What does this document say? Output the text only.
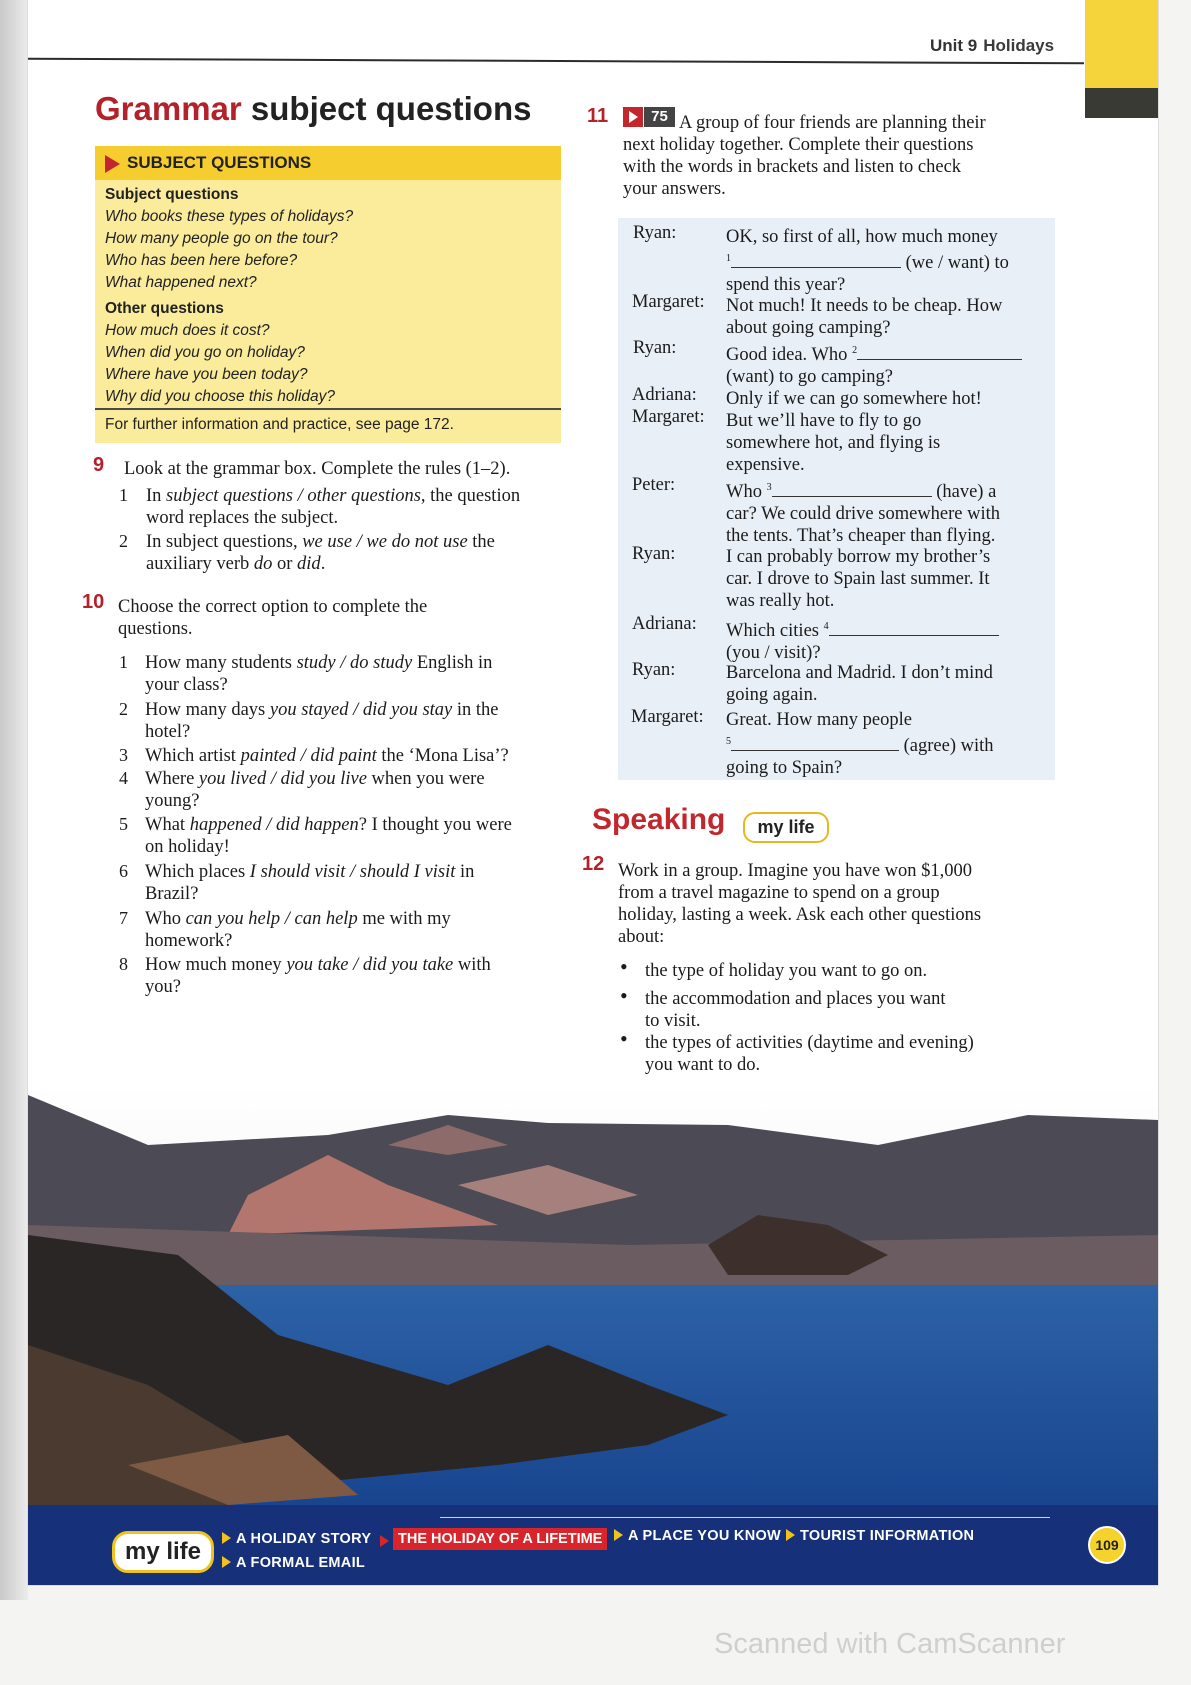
Unit 9 Holidays
Grammar subject questions
SUBJECT QUESTIONS
Subject questions
Who books these types of holidays?
How many people go on the tour?
Who has been here before?
What happened next?
Other questions
How much does it cost?
When did you go on holiday?
Where have you been today?
Why did you choose this holiday?
For further information and practice, see page 172.
9 Look at the grammar box. Complete the rules (1–2).
1 In subject questions / other questions, the question
word replaces the subject.
2 In subject questions, we use / we do not use the
auxiliary verb do or did.
10 Choose the correct option to complete the
questions.
1 How many students study / do study English in
your class?
2 How many days you stayed / did you stay in the
hotel?
3 Which artist painted / did paint the ‘Mona Lisa’?
4 Where you lived / did you live when you were
young?
5 What happened / did happen? I thought you were
on holiday!
6 Which places I should visit / should I visit in
Brazil?
7 Who can you help / can help me with my
homework?
8 How much money you take / did you take with
you?
11	75 A group of four friends are planning their
next holiday together. Complete their questions
with the words in brackets and listen to check
your answers.
Ryan:	OK, so first of all, how much money
$^1$	(we / want) to
spend this year?
Margaret: Not much! It needs to be cheap. How
about going camping?
Ryan:	Good idea. Who $^2$
(want) to go camping?
Adriana: Only if we can go somewhere hot!
Margaret: But we’ll have to fly to go
somewhere hot, and flying is
expensive.
Peter:	Who $^3$	(have) a
car? We could drive somewhere with
the tents. That’s cheaper than flying.
Ryan:	I can probably borrow my brother’s
car. I drove to Spain last summer. It
was really hot.
Adriana: Which cities $^4$
(you / visit)?
Ryan:	Barcelona and Madrid. I don’t mind
going again.
Margaret: Great. How many people
$^5$	(agree) with
going to Spain?
Speaking	my life
12 Work in a group. Imagine you have won $1,000
from a travel magazine to spend on a group
holiday, lasting a week. Ask each other questions
about:
• the type of holiday you want to go on.
• the accommodation and places you want
to visit.
• the types of activities (daytime and evening)
you want to do.
my life	A HOLIDAY STORY	THE HOLIDAY OF A LIFETIME	A PLACE YOU KNOW	TOURIST INFORMATION
A FORMAL EMAIL
109
Scanned with CamScanner
